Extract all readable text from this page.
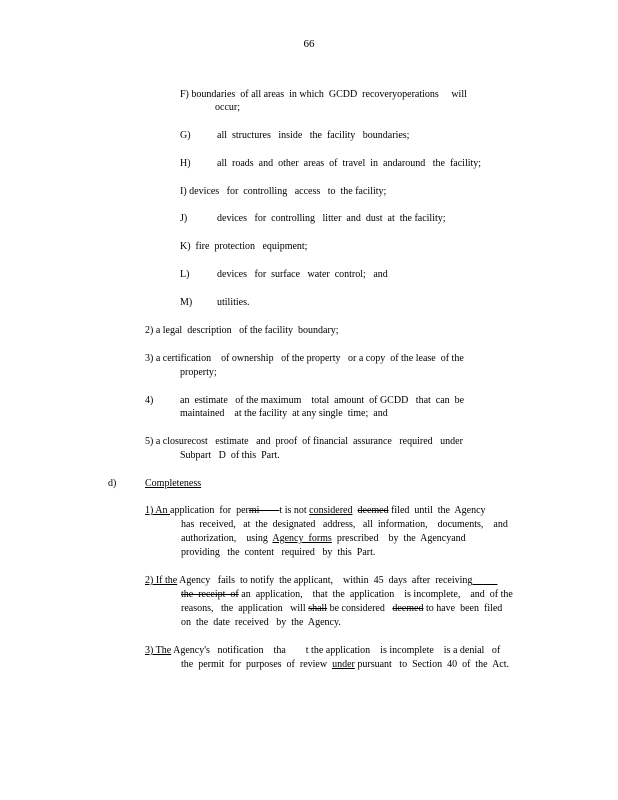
66
F) boundaries  of all areas  in which  GCDD  recoveryoperations     will
occur;
G)	all  structures   inside   the  facility   boundaries;
H)	all  roads  and  other  areas  of  travel  in  andaround   the  facility;
I) devices   for  controlling   access   to  the facility;
J)	devices   for  controlling   litter  and  dust  at  the facility;
K)  fire  protection   equipment;
L)	devices   for  surface   water  control;   and
M) utilities.
2) a legal  description   of the facility  boundary;
3) a certification    of ownership   of the property   or a copy  of the lease  of the
property;
4)	an  estimate   of the maximum    total  amount  of GCDD   that  can  be
maintained    at the facility  at any single  time;  and
5) a closurecost   estimate   and  proof  of financial  assurance   required   under
Subpart   D  of this  Part.
d)	Completeness
1) An application  for  permi t is not considered deemed filed  until  the  Agency
has  received,   at  the  designated   address,   all  information,    documents,    and
authorization,    using  Agency  forms  prescribed    by  the  Agencyand
providing   the  content   required   by  this  Part.
2) If the Agency   fails  to notify  the applicant,    within  45  days  after  receiving
the  receipt  of an  application,    that  the  application    is incomplete,    and  of the
reasons,   the  application   will shall be considered   deemed to have  been  filed
on  the  date  received   by  the  Agency.
3) The Agency's   notification    tha        t the application    is incomplete    is a denial   of
the  permit  for  purposes  of  review  under pursuant   to  Section  40  of  the  Act.
